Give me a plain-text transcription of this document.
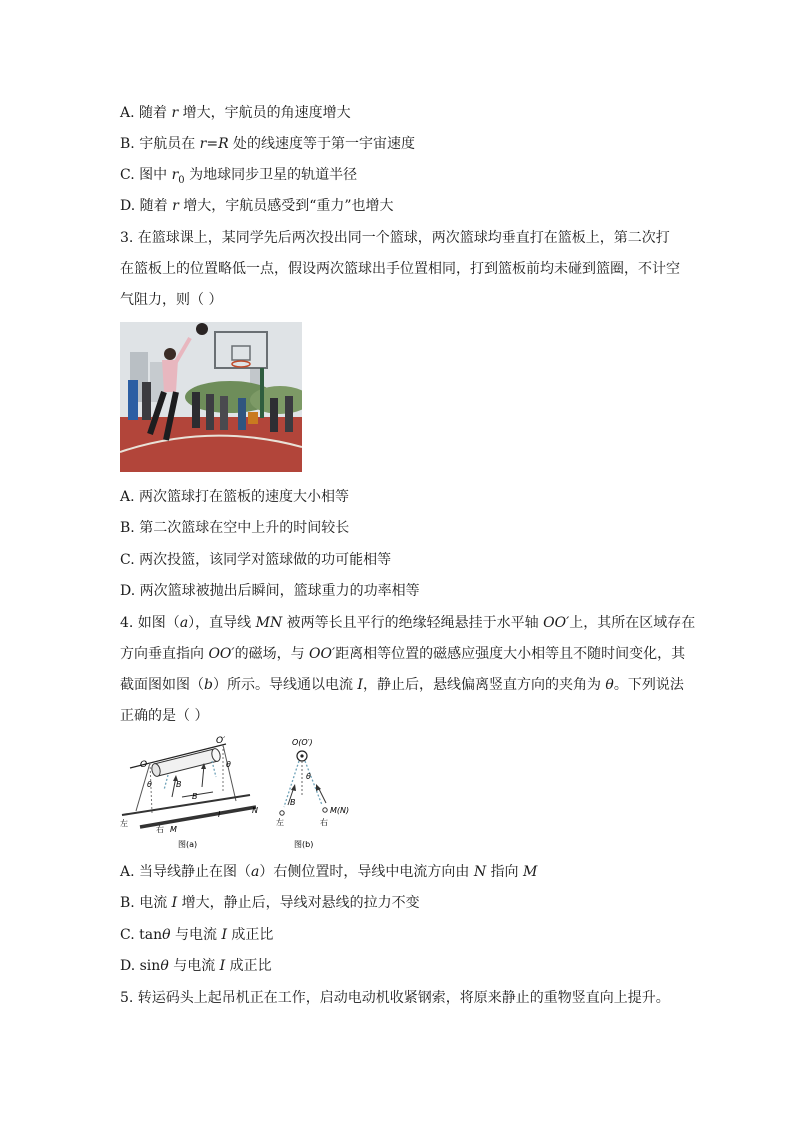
A. 随着 r 增大，宇航员的角速度增大
B. 宇航员在 r=R 处的线速度等于第一宇宙速度
C. 图中 $r_0$ 为地球同步卫星的轨道半径
D. 随着 r 增大，宇航员感受到“重力”也增大
3. 在篮球课上，某同学先后两次投出同一个篮球，两次篮球均垂直打在篮板上，第二次打
在篮板上的位置略低一点，假设两次篮球出手位置相同，打到篮板前均未碰到篮圈，不计空
气阻力，则（ ）
A. 两次篮球打在篮板的速度大小相等
B. 第二次篮球在空中上升的时间较长
C. 两次投篮，该同学对篮球做的功可能相等
D. 两次篮球被抛出后瞬间，篮球重力的功率相等
4. 如图（a），直导线 MN 被两等长且平行的绝缘轻绳悬挂于水平轴 OO′上，其所在区域存在
方向垂直指向 OO′的磁场，与 OO′距离相等位置的磁感应强度大小相等且不随时间变化，其
截面图如图（b）所示。导线通以电流 I，静止后，悬线偏离竖直方向的夹角为 θ。下列说法
正确的是（ ）
O
O′
θ
θ
B
B
左
右 M
I	N
图(a)
O(O′)
θ
B
M(N)
左	右
图(b)
A. 当导线静止在图（a）右侧位置时，导线中电流方向由 N 指向 M
B. 电流 I 增大，静止后，导线对悬线的拉力不变
C. tanθ 与电流 I 成正比
D. sinθ 与电流 I 成正比
5. 转运码头上起吊机正在工作，启动电动机收紧钢索，将原来静止的重物竖直向上提升。
